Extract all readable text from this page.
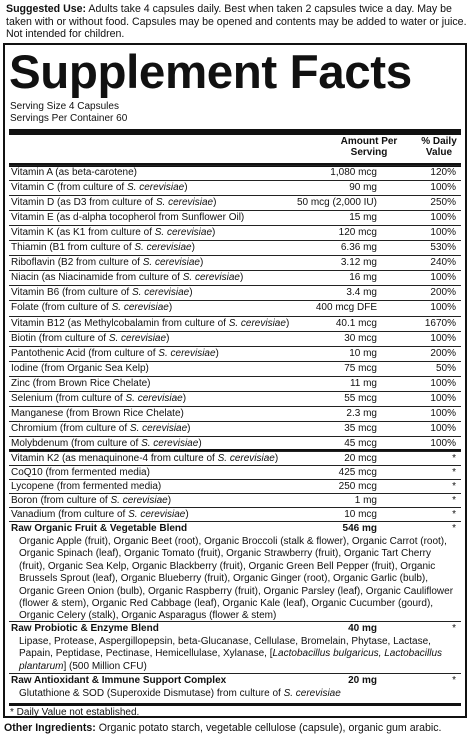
Suggested Use: Adults take 4 capsules daily. Best when taken 2 capsules twice a day. May be taken with or without food. Capsules may be opened and contents may be added to water or juice. Not intended for children.
Supplement Facts
Serving Size 4 Capsules
Servings Per Container 60
Amount Per
Serving
% Daily
Value
Vitamin A (as beta-carotene)	1,080 mcg	120%
Vitamin C (from culture of S. cerevisiae)	90 mg	100%
Vitamin D (as D3 from culture of S. cerevisiae)	50 mcg (2,000 IU)	250%
Vitamin E (as d-alpha tocopherol from Sunflower Oil)	15 mg	100%
Vitamin K (as K1 from culture of S. cerevisiae)	120 mcg	100%
Thiamin (B1 from culture of S. cerevisiae)	6.36 mg	530%
Riboflavin (B2 from culture of S. cerevisiae)	3.12 mg	240%
Niacin (as Niacinamide from culture of S. cerevisiae)	16 mg	100%
Vitamin B6 (from culture of S. cerevisiae)	3.4 mg	200%
Folate (from culture of S. cerevisiae)	400 mcg DFE	100%
Vitamin B12 (as Methylcobalamin from culture of S. cerevisiae)	40.1 mcg	1670%
Biotin (from culture of S. cerevisiae)	30 mcg	100%
Pantothenic Acid (from culture of S. cerevisiae)	10 mg	200%
Iodine (from Organic Sea Kelp)	75 mcg	50%
Zinc (from Brown Rice Chelate)	11 mg	100%
Selenium (from culture of S. cerevisiae)	55 mcg	100%
Manganese (from Brown Rice Chelate)	2.3 mg	100%
Chromium (from culture of S. cerevisiae)	35 mcg	100%
Molybdenum (from culture of S. cerevisiae)	45 mcg	100%
Vitamin K2 (as menaquinone-4 from culture of S. cerevisiae)	20 mcg	*
CoQ10 (from fermented media)	425 mcg	*
Lycopene (from fermented media)	250 mcg	*
Boron (from culture of S. cerevisiae)	1 mg	*
Vanadium (from culture of S. cerevisiae)	10 mcg	*
Raw Organic Fruit & Vegetable Blend	546 mg	*
Organic Apple (fruit), Organic Beet (root), Organic Broccoli (stalk & flower), Organic Carrot (root), Organic Spinach (leaf), Organic Tomato (fruit), Organic Strawberry (fruit), Organic Tart Cherry (fruit), Organic Sea Kelp, Organic Blackberry (fruit), Organic Green Bell Pepper (fruit), Organic Brussels Sprout (leaf), Organic Blueberry (fruit), Organic Ginger (root), Organic Garlic (bulb), Organic Green Onion (bulb), Organic Raspberry (fruit), Organic Parsley (leaf), Organic Cauliflower (flower & stem), Organic Red Cabbage (leaf), Organic Kale (leaf), Organic Cucumber (gourd), Organic Celery (stalk), Organic Asparagus (flower & stem)
Raw Probiotic & Enzyme Blend	40 mg	*
Lipase, Protease, Aspergillopepsin, beta-Glucanase, Cellulase, Bromelain, Phytase, Lactase, Papain, Peptidase, Pectinase, Hemicellulase, Xylanase, [Lactobacillus bulgaricus, Lactobacillus plantarum] (500 Million CFU)
Raw Antioxidant & Immune Support Complex	20 mg	*
Glutathione & SOD (Superoxide Dismutase) from culture of S. cerevisiae
* Daily Value not established.
Other Ingredients: Organic potato starch, vegetable cellulose (capsule), organic gum arabic.
